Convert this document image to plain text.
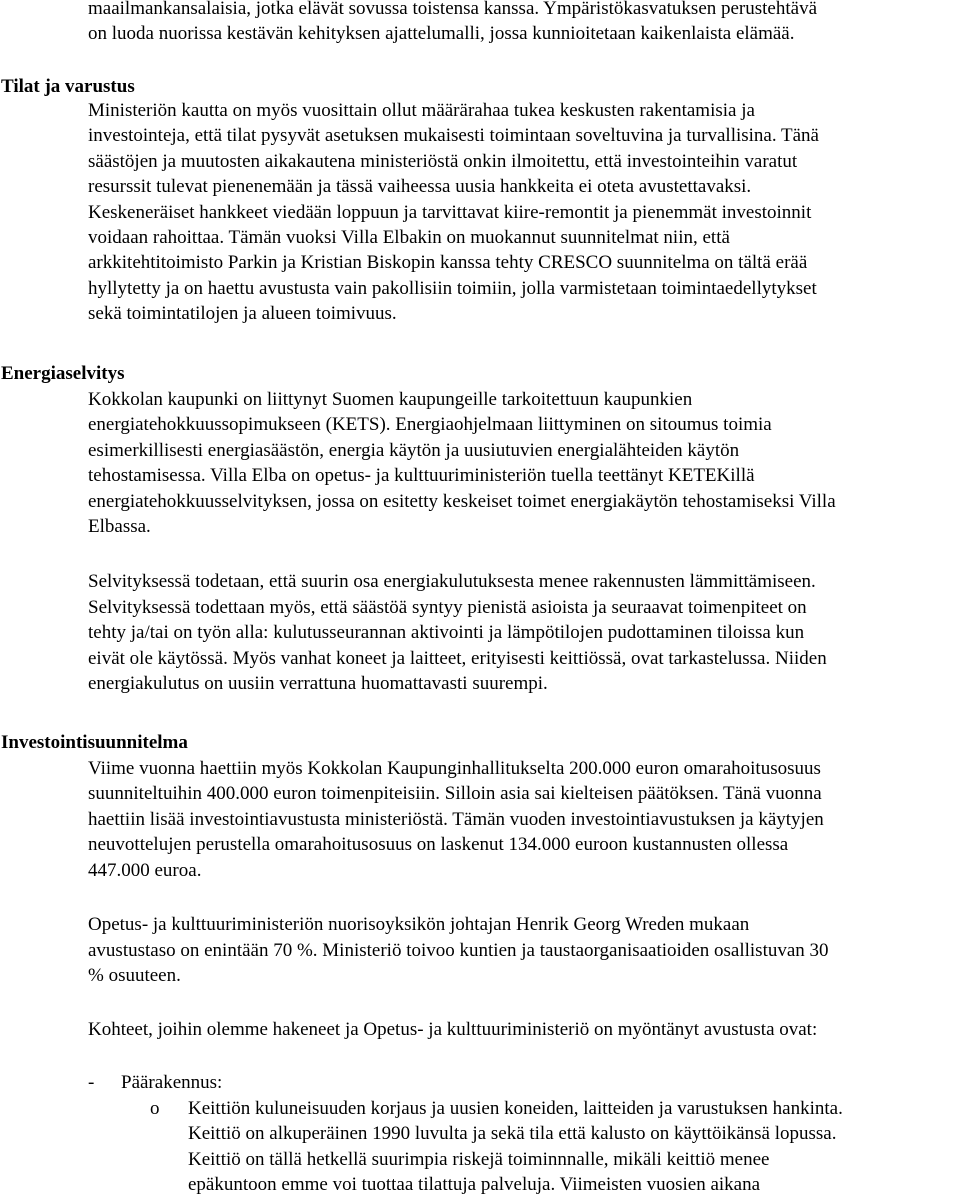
maailmankansalaisia, jotka elävät sovussa toistensa kanssa. Ympäristökasvatuksen perustehtävä

on luoda nuorissa kestävän kehityksen ajattelumalli, jossa kunnioitetaan kaikenlaista elämää.

Tilat ja varustus

Ministeriön kautta on myös vuosittain ollut määrärahaa tukea keskusten rakentamisia ja

investointeja, että tilat pysyvät asetuksen mukaisesti toimintaan soveltuvina ja turvallisina. Tänä

säästöjen ja muutosten aikakautena ministeriöstä onkin ilmoitettu, että investointeihin varatut

resurssit tulevat pienenemään ja tässä vaiheessa uusia hankkeita ei oteta avustettavaksi.

Keskeneräiset hankkeet viedään loppuun ja tarvittavat kiire-remontit ja pienemmät investoinnit

voidaan rahoittaa. Tämän vuoksi Villa Elbakin on muokannut suunnitelmat niin, että

arkkitehtitoimisto Parkin ja Kristian Biskopin kanssa tehty CRESCO suunnitelma on tältä erää

hyllytetty ja on haettu avustusta vain pakollisiin toimiin, jolla varmistetaan toimintaedellytykset

sekä toimintatilojen ja alueen toimivuus.

Energiaselvitys

Kokkolan kaupunki on liittynyt Suomen kaupungeille tarkoitettuun kaupunkien

energiatehokkuussopimukseen (KETS). Energiaohjelmaan liittyminen on sitoumus toimia

esimerkillisesti energiasäästön, energia käytön ja uusiutuvien energialähteiden käytön

tehostamisessa. Villa Elba on opetus- ja kulttuuriministeriön tuella teettänyt KETEKillä

energiatehokkuusselvityksen, jossa on esitetty keskeiset toimet energiakäytön tehostamiseksi Villa

Elbassa.

Selvityksessä todetaan, että suurin osa energiakulutuksesta menee rakennusten lämmittämiseen.

Selvityksessä todettaan myös, että säästöä syntyy pienistä asioista ja seuraavat toimenpiteet on

tehty ja/tai on työn alla: kulutusseurannan aktivointi ja lämpötilojen pudottaminen tiloissa kun

eivät ole käytössä. Myös vanhat koneet ja laitteet, erityisesti keittiössä, ovat tarkastelussa. Niiden

energiakulutus on uusiin verrattuna huomattavasti suurempi.

Investointisuunnitelma

Viime vuonna haettiin myös Kokkolan Kaupunginhallitukselta 200.000 euron omarahoitusosuus

suunniteltuihin 400.000 euron toimenpiteisiin. Silloin asia sai kielteisen päätöksen. Tänä vuonna

haettiin lisää investointiavustusta ministeriöstä. Tämän vuoden investointiavustuksen ja käytyjen

neuvottelujen perustella omarahoitusosuus on laskenut 134.000 euroon kustannusten ollessa

447.000 euroa.

Opetus- ja kulttuuriministeriön nuorisoyksikön johtajan Henrik Georg Wreden mukaan

avustustaso on enintään 70 %. Ministeriö toivoo kuntien ja taustaorganisaatioiden osallistuvan 30

% osuuteen.

Kohteet, joihin olemme hakeneet ja Opetus- ja kulttuuriministeriö on myöntänyt avustusta ovat:

- Päärakennus:
o Keittiön kuluneisuuden korjaus ja uusien koneiden, laitteiden ja varustuksen hankinta.

Keittiö on alkuperäinen 1990 luvulta ja sekä tila että kalusto on käyttöikänsä lopussa.

Keittiö on tällä hetkellä suurimpia riskejä toiminnnalle, mikäli keittiö menee

epäkuntoon emme voi tuottaa tilattuja palveluja. Viimeisten vuosien aikana
